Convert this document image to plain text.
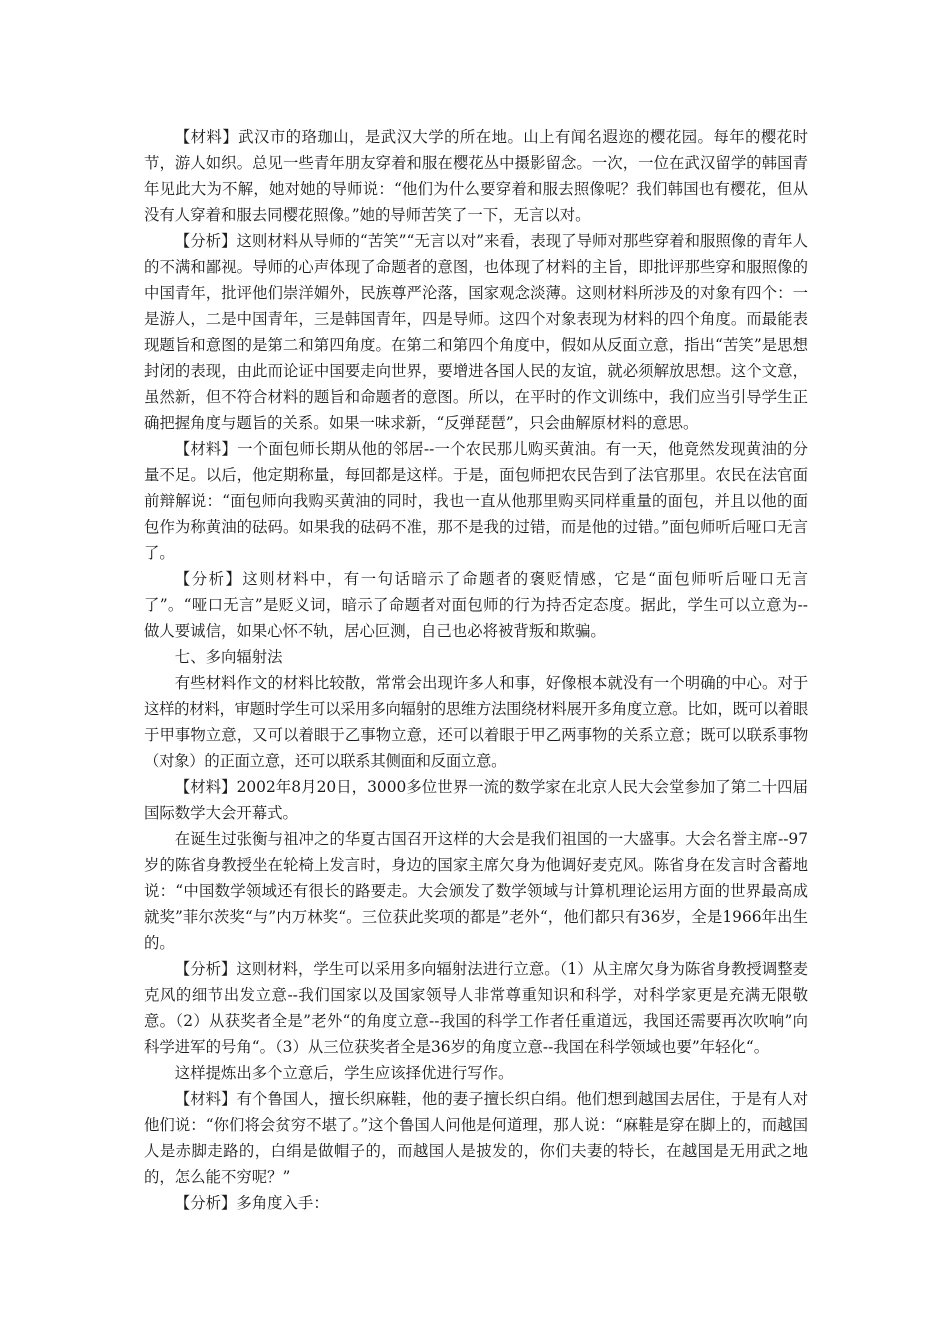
【材料】武汉市的珞珈山，是武汉大学的所在地。山上有闻名遐迩的樱花园。每年的樱花时节，游人如织。总见一些青年朋友穿着和服在樱花丛中摄影留念。一次，一位在武汉留学的韩国青年见此大为不解，她对她的导师说：“他们为什么要穿着和服去照像呢？我们韩国也有樱花，但从没有人穿着和服去同樱花照像。”她的导师苦笑了一下，无言以对。

【分析】这则材料从导师的“苦笑”“无言以对”来看，表现了导师对那些穿着和服照像的青年人的不满和鄙视。导师的心声体现了命题者的意图，也体现了材料的主旨，即批评那些穿和服照像的中国青年，批评他们崇洋媚外，民族尊严沦落，国家观念淡薄。这则材料所涉及的对象有四个：一是游人，二是中国青年，三是韩国青年，四是导师。这四个对象表现为材料的四个角度。而最能表现题旨和意图的是第二和第四角度。在第二和第四个角度中，假如从反面立意，指出“苦笑”是思想封闭的表现，由此而论证中国要走向世界，要增进各国人民的友谊，就必须解放思想。这个文意，虽然新，但不符合材料的题旨和命题者的意图。所以，在平时的作文训练中，我们应当引导学生正确把握角度与题旨的关系。如果一味求新，“反弹琵琶”，只会曲解原材料的意思。

【材料】一个面包师长期从他的邻居--一个农民那儿购买黄油。有一天，他竟然发现黄油的分量不足。以后，他定期称量，每回都是这样。于是，面包师把农民告到了法官那里。农民在法官面前辩解说：“面包师向我购买黄油的同时，我也一直从他那里购买同样重量的面包，并且以他的面包作为称黄油的砝码。如果我的砝码不准，那不是我的过错，而是他的过错。”面包师听后哑口无言了。

【分析】这则材料中，有一句话暗示了命题者的褒贬情感，它是“面包师听后哑口无言了”。“哑口无言”是贬义词，暗示了命题者对面包师的行为持否定态度。据此，学生可以立意为--做人要诚信，如果心怀不轨，居心叵测，自己也必将被背叛和欺骗。

七、多向辐射法

有些材料作文的材料比较散，常常会出现许多人和事，好像根本就没有一个明确的中心。对于这样的材料，审题时学生可以采用多向辐射的思维方法围绕材料展开多角度立意。比如，既可以着眼于甲事物立意，又可以着眼于乙事物立意，还可以着眼于甲乙两事物的关系立意；既可以联系事物（对象）的正面立意，还可以联系其侧面和反面立意。

【材料】2002年8月20日，3000多位世界一流的数学家在北京人民大会堂参加了第二十四届国际数学大会开幕式。

在诞生过张衡与祖冲之的华夏古国召开这样的大会是我们祖国的一大盛事。大会名誉主席--97岁的陈省身教授坐在轮椅上发言时，身边的国家主席欠身为他调好麦克风。陈省身在发言时含蓄地说：“中国数学领域还有很长的路要走。大会颁发了数学领域与计算机理论运用方面的世界最高成就奖”菲尔茨奖“与”内万林奖“。三位获此奖项的都是”老外“，他们都只有36岁，全是1966年出生的。

【分析】这则材料，学生可以采用多向辐射法进行立意。（1）从主席欠身为陈省身教授调整麦克风的细节出发立意--我们国家以及国家领导人非常尊重知识和科学，对科学家更是充满无限敬意。（2）从获奖者全是”老外“的角度立意--我国的科学工作者任重道远，我国还需要再次吹响”向科学进军的号角“。（3）从三位获奖者全是36岁的角度立意--我国在科学领域也要”年轻化“。

这样提炼出多个立意后，学生应该择优进行写作。

【材料】有个鲁国人，擅长织麻鞋，他的妻子擅长织白绢。他们想到越国去居住，于是有人对他们说：“你们将会贫穷不堪了。”这个鲁国人问他是何道理，那人说：“麻鞋是穿在脚上的，而越国人是赤脚走路的，白绢是做帽子的，而越国人是披发的，你们夫妻的特长，在越国是无用武之地的，怎么能不穷呢？”

【分析】多角度入手：
